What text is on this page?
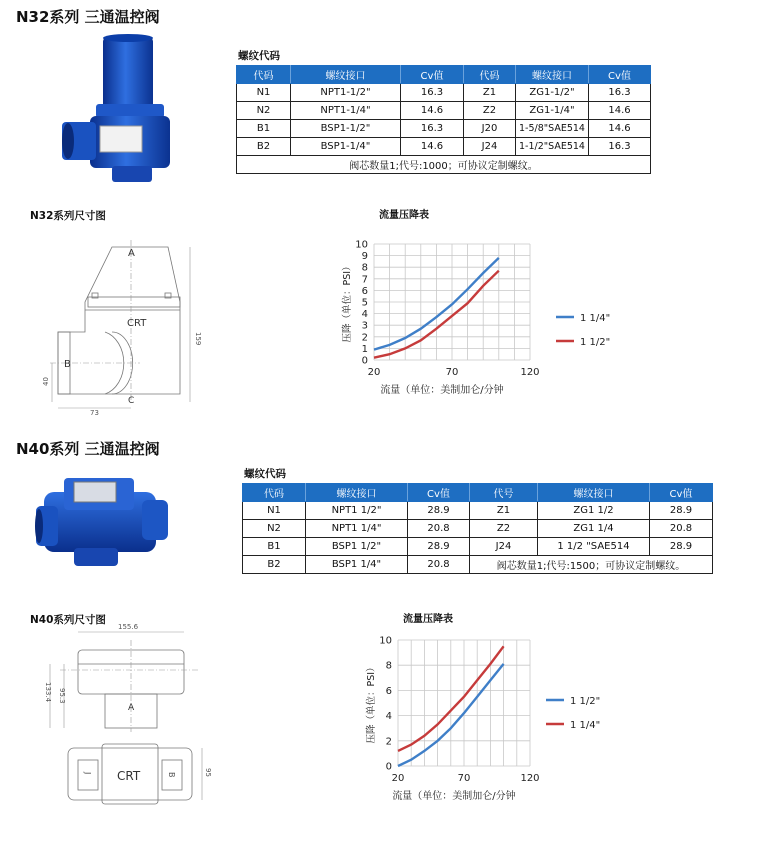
N32系列 三通温控阀
螺纹代码
代码	螺纹接口	Cv值	代码	螺纹接口	Cv值
N1	NPT1-1/2"	16.3	Z1	ZG1-1/2"	16.3
N2	NPT1-1/4"	14.6	Z2	ZG1-1/4"	14.6
B1	BSP1-1/2"	16.3	J20	1-5/8"SAE514	14.6
B2	BSP1-1/4"	14.6	J24	1-1/2"SAE514	16.3
阀芯数量1;代号:1000；可协议定制螺纹。					
N32系列尺寸图
A
CRT
B
C
159
40
73
流量压降表
0
1
2
3
4
5
6
7
8
9
10
20	70	120
流量（单位：美制加仑/分钟
压降（单位：PSI）	1 1/4"
1 1/2"
N40系列 三通温控阀
螺纹代码
代码	螺纹接口	Cv值	代号	螺纹接口	Cv值
N1	NPT1 1/2"	28.9	Z1	ZG1 1/2	28.9
N2	NPT1 1/4"	20.8	Z2	ZG1 1/4	20.8
B1	BSP1 1/2"	28.9	J24	1 1/2 "SAE514	28.9
B2	BSP1 1/4"	20.8	阀芯数量1;代号:1500；可协议定制螺纹。		
N40系列尺寸图
155.6
133.4 95.3
A
CRT
J	B	95
流量压降表
0
2
4
6
8
10
20	70	120
流量（单位：美制加仑/分钟
压降（单位：PSI）	1 1/2"
1 1/4"
